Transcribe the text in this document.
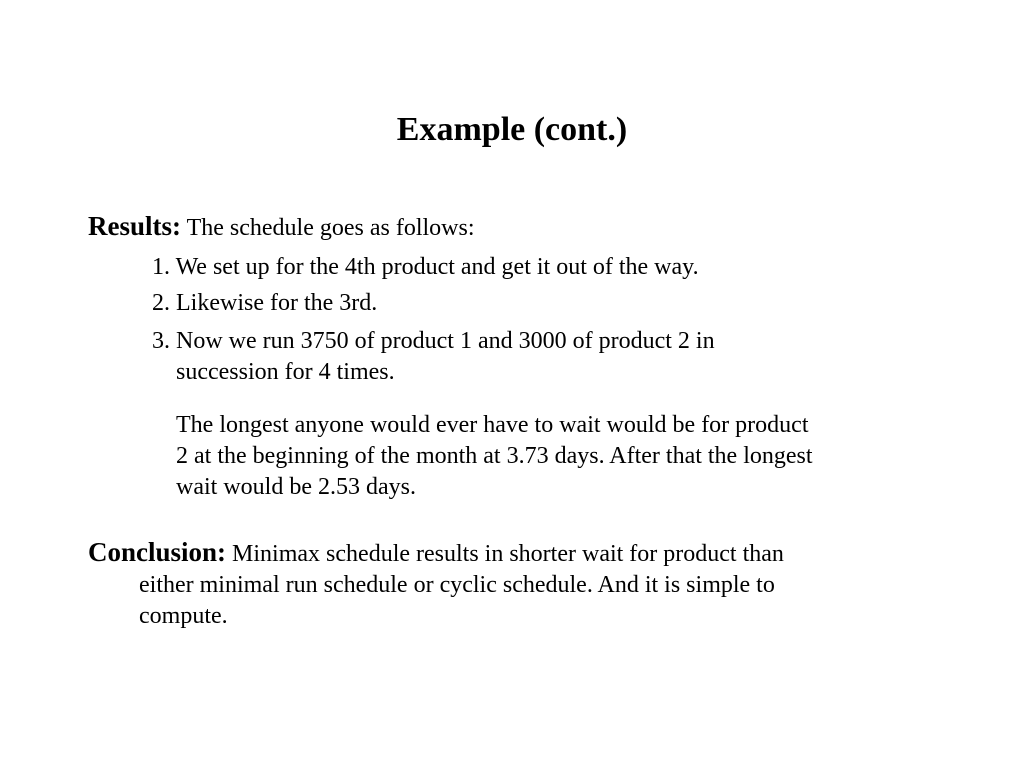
Example (cont.)
Results: The schedule goes as follows:
1. We set up for the 4th product and get it out of the way.
2. Likewise for the 3rd.
3. Now we run 3750 of product 1 and 3000 of product 2 in
succession for 4 times.
The longest anyone would ever have to wait would be for product
2 at the beginning of the month at 3.73 days. After that the longest
wait would be 2.53 days.
Conclusion: Minimax schedule results in shorter wait for product than
either minimal run schedule or cyclic schedule. And it is simple to
compute.
